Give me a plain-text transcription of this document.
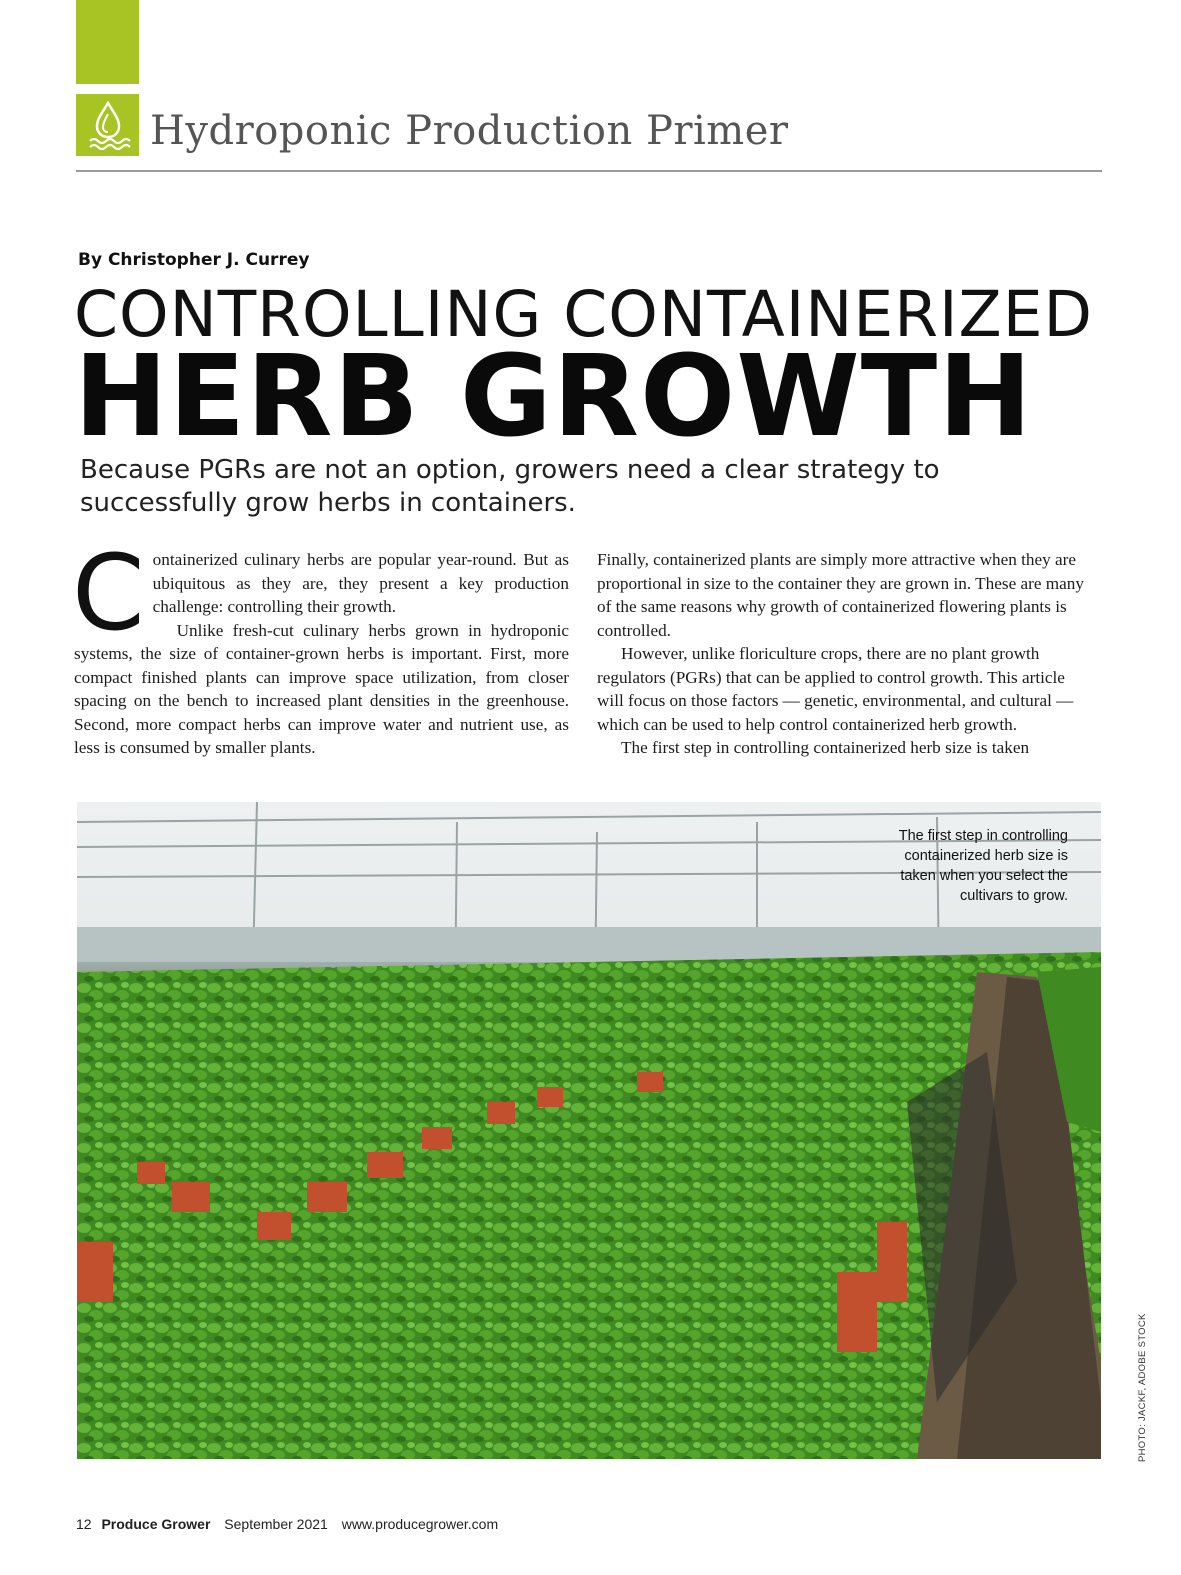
Hydroponic Production Primer
By Christopher J. Currey
CONTROLLING CONTAINERIZED
HERB GROWTH
Because PGRs are not an option, growers need a clear strategy to successfully grow herbs in containers.
C ontainerized culinary herbs are popular year-round. But as ubiquitous as they are, they present a key production challenge: controlling their growth.

Unlike fresh-cut culinary herbs grown in hydroponic systems, the size of container-grown herbs is important. First, more compact finished plants can improve space utilization, from closer spacing on the bench to increased plant densities in the greenhouse. Second, more compact herbs can improve water and nutrient use, as less is consumed by smaller plants.

Finally, containerized plants are simply more attractive when they are proportional in size to the container they are grown in. These are many of the same reasons why growth of containerized flowering plants is controlled.

However, unlike floriculture crops, there are no plant growth regulators (PGRs) that can be applied to control growth. This article will focus on those factors — genetic, environmental, and cultural — which can be used to help control containerized herb growth.

The first step in controlling containerized herb size is taken

The first step in controlling containerized herb size is taken when you select the cultivars to grow.
PHOTO: JACKF, ADOBE STOCK
12 Produce Grower September 2021 www.producegrower.com
